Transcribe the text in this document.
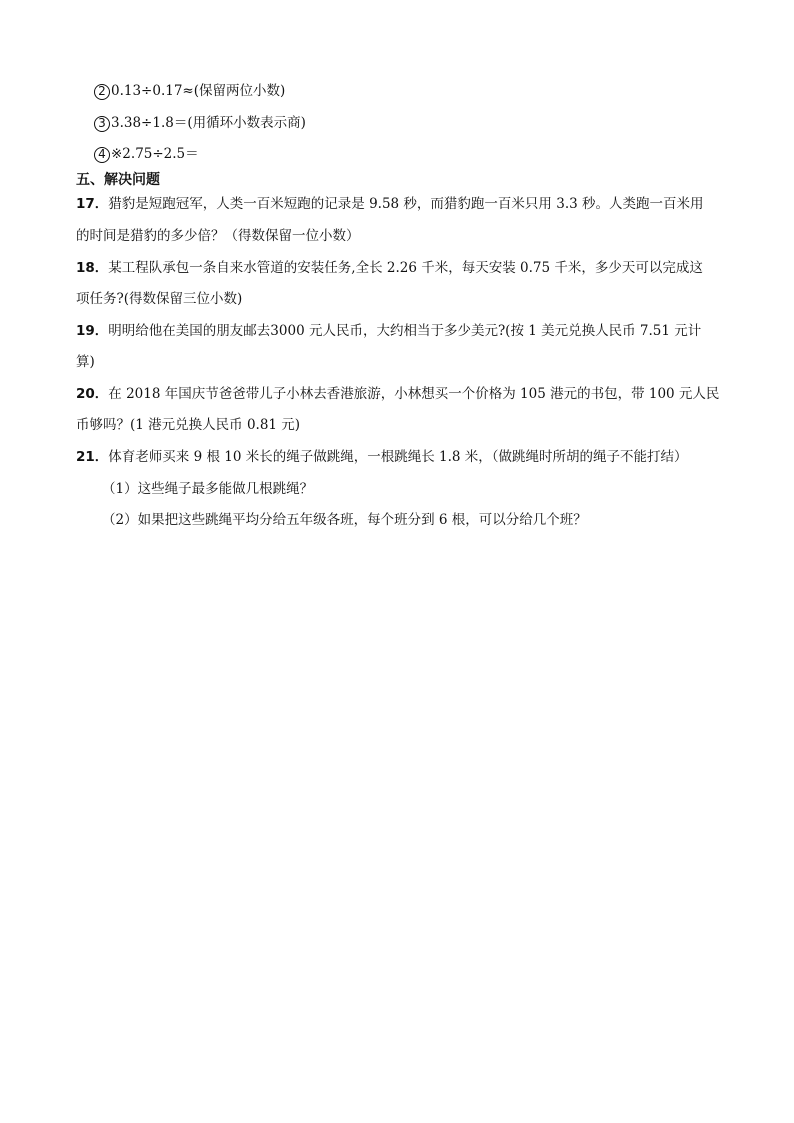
2 0.13÷0.17≈(保留两位小数)
3 3.38÷1.8＝(用循环小数表示商)
4 ※2.75÷2.5＝
五、解决问题
17．猎豹是短跑冠军，人类一百米短跑的记录是 9.58 秒，而猎豹跑一百米只用 3.3 秒。人类跑一百米用
的时间是猎豹的多少倍？（得数保留一位小数）
18．某工程队承包一条自来水管道的安装任务,全长 2.26 千米，每天安装 0.75 千米，多少天可以完成这
项任务?(得数保留三位小数)
19．明明给他在美国的朋友邮去3000 元人民币，大约相当于多少美元?(按 1 美元兑换人民币 7.51 元计
算)
20．在 2018 年国庆节爸爸带儿子小林去香港旅游，小林想买一个价格为 105 港元的书包，带 100 元人民
币够吗？(1 港元兑换人民币 0.81 元)
21．体育老师买来 9 根 10 米长的绳子做跳绳，一根跳绳长 1.8 米，（做跳绳时所胡的绳子不能打结）
（1）这些绳子最多能做几根跳绳？
（2）如果把这些跳绳平均分给五年级各班，每个班分到 6 根，可以分给几个班？
